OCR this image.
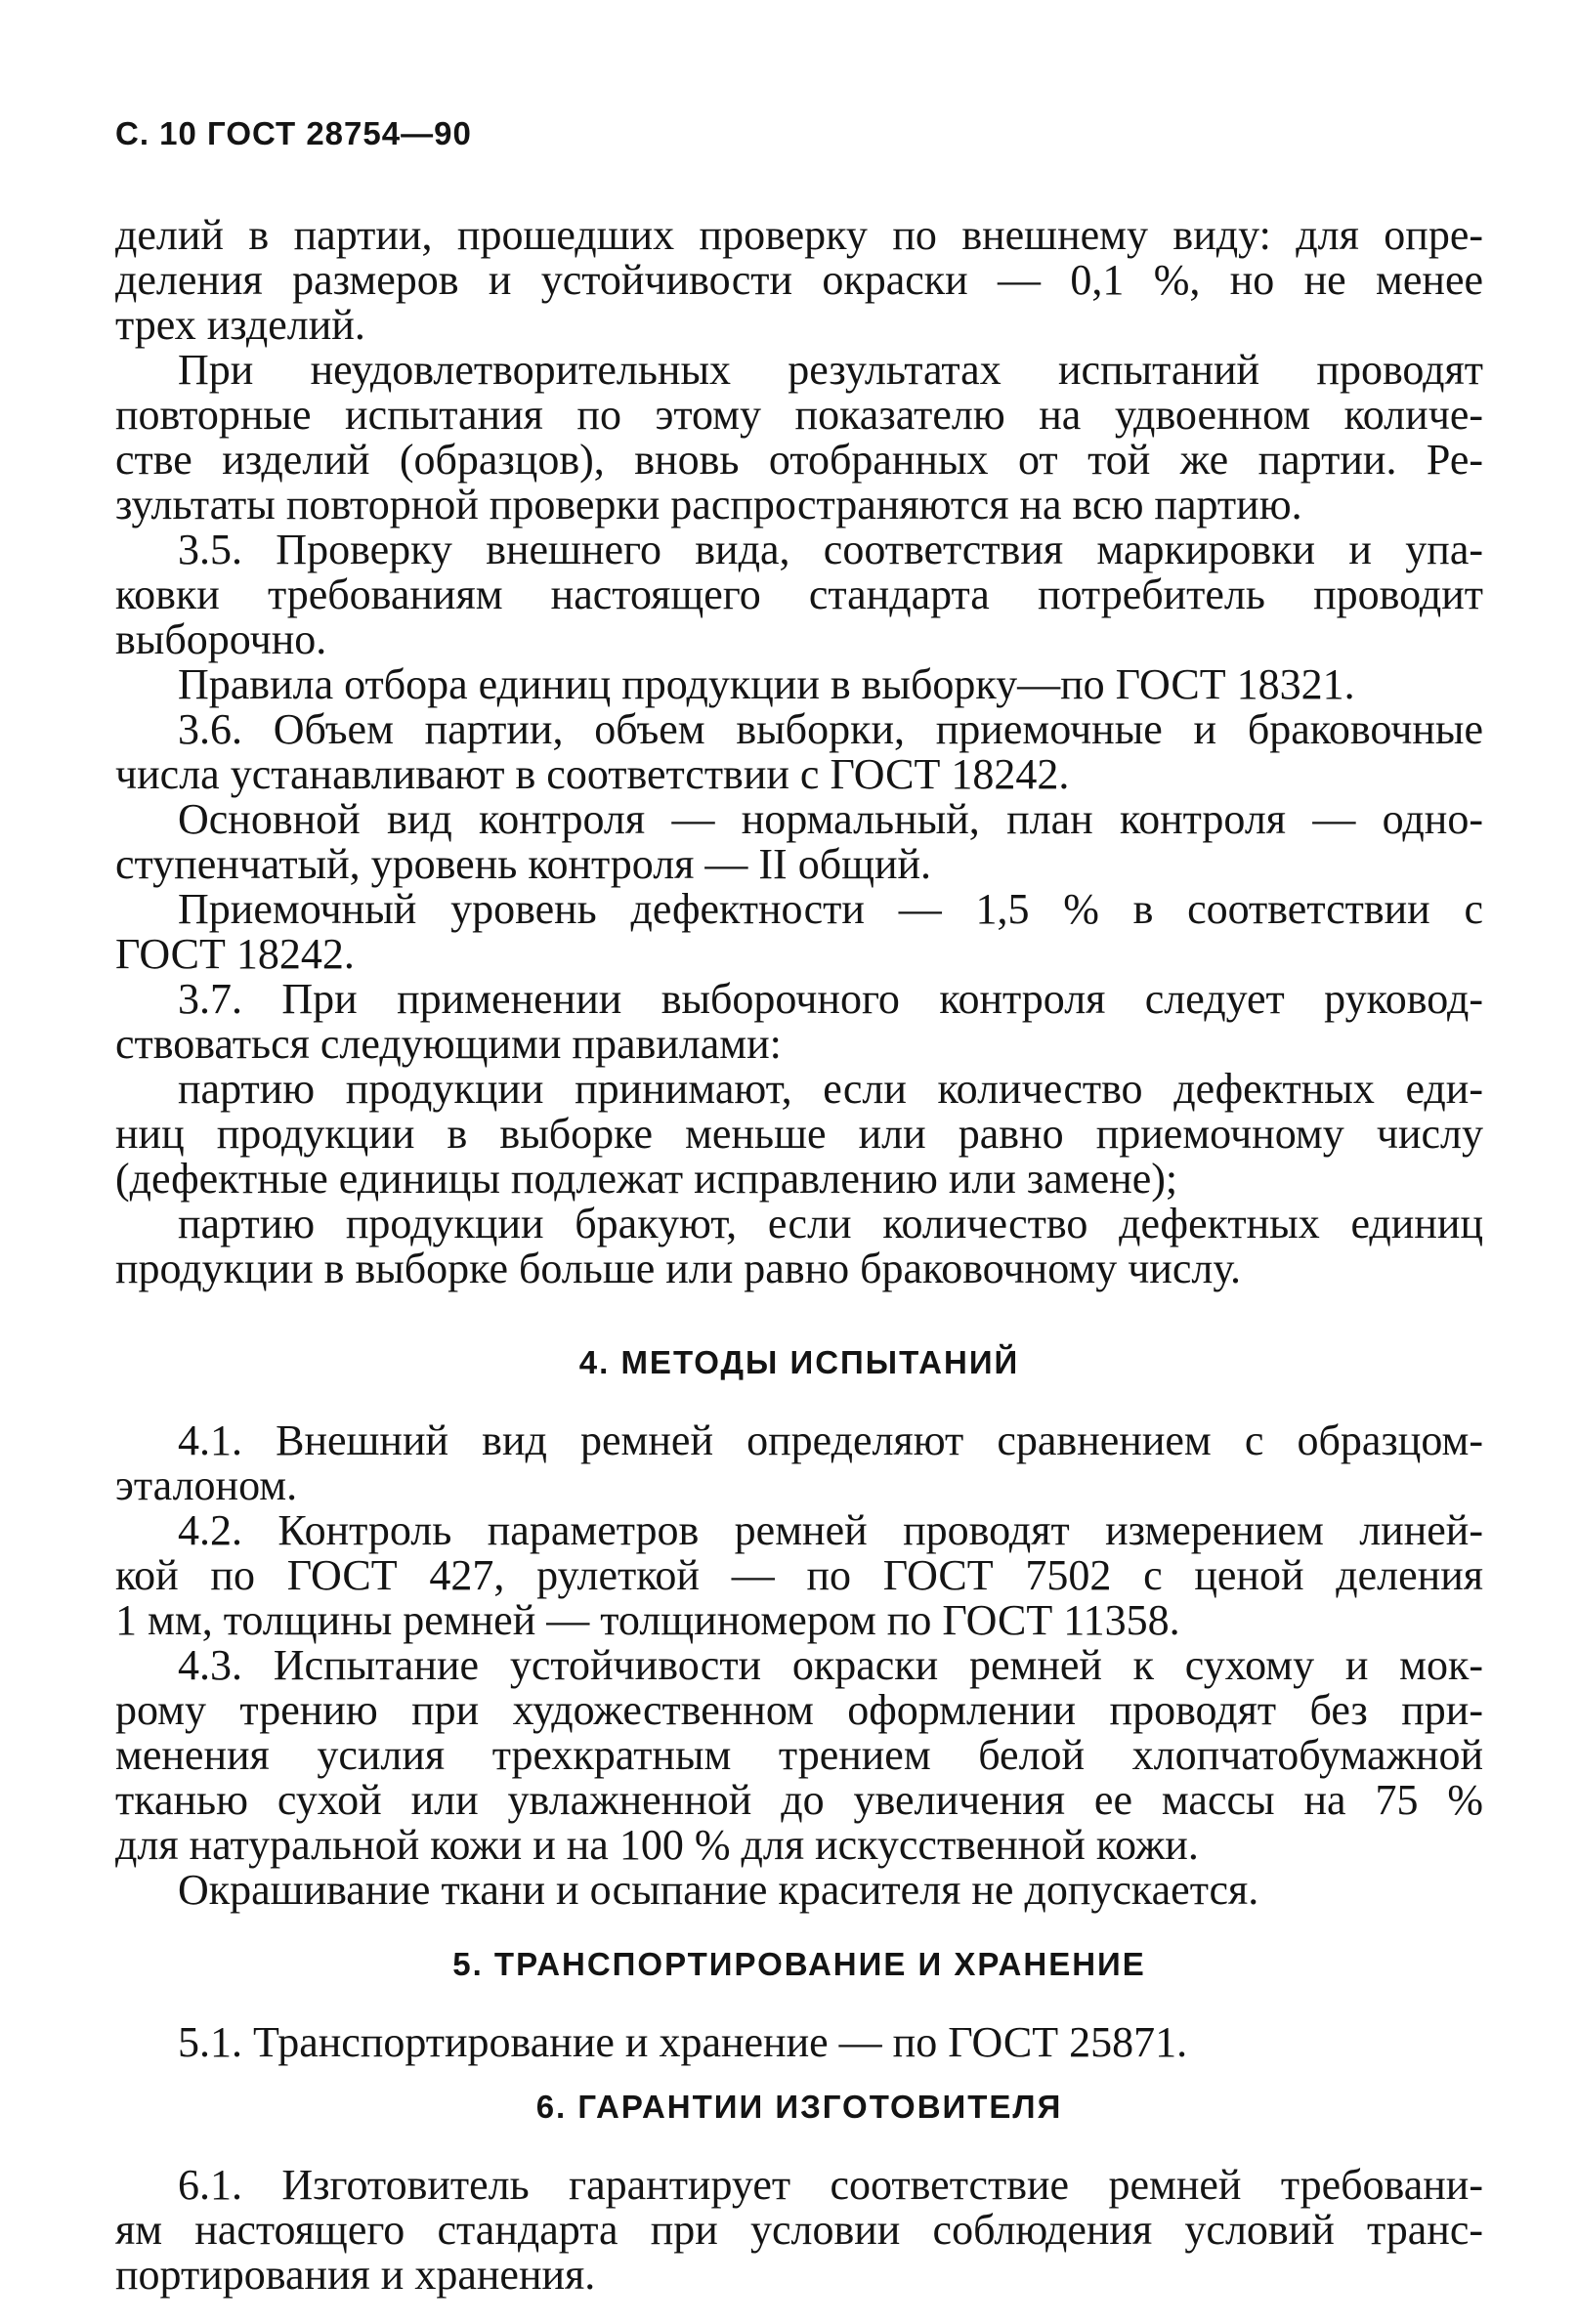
С. 10 ГОСТ 28754—90
делий в партии, прошедших проверку по внешнему виду: для опре-
деления размеров и устойчивости окраски — 0,1 %, но не менее
трех изделий.
При неудовлетворительных результатах испытаний проводят
повторные испытания по этому показателю на удвоенном количе-
стве изделий (образцов), вновь отобранных от той же партии. Ре-
зультаты повторной проверки распространяются на всю партию.
3.5. Проверку внешнего вида, соответствия маркировки и упа-
ковки требованиям настоящего стандарта потребитель проводит
выборочно.
Правила отбора единиц продукции в выборку—по ГОСТ 18321.
3.6. Объем партии, объем выборки, приемочные и браковочные
числа устанавливают в соответствии с ГОСТ 18242.
Основной вид контроля — нормальный, план контроля — одно-
ступенчатый, уровень контроля — II общий.
Приемочный уровень дефектности — 1,5 % в соответствии с
ГОСТ 18242.
3.7. При применении выборочного контроля следует руковод-
ствоваться следующими правилами:
партию продукции принимают, если количество дефектных еди-
ниц продукции в выборке меньше или равно приемочному числу
(дефектные единицы подлежат исправлению или замене);
партию продукции бракуют, если количество дефектных единиц
продукции в выборке больше или равно браковочному числу.
4. МЕТОДЫ ИСПЫТАНИЙ
4.1. Внешний вид ремней определяют сравнением с образцом-
эталоном.
4.2. Контроль параметров ремней проводят измерением линей-
кой по ГОСТ 427, рулеткой — по ГОСТ 7502 с ценой деления
1 мм, толщины ремней — толщиномером по ГОСТ 11358.
4.3. Испытание устойчивости окраски ремней к сухому и мок-
рому трению при художественном оформлении проводят без при-
менения усилия трехкратным трением белой хлопчатобумажной
тканью сухой или увлажненной до увеличения ее массы на 75 %
для натуральной кожи и на 100 % для искусственной кожи.
Окрашивание ткани и осыпание красителя не допускается.
5. ТРАНСПОРТИРОВАНИЕ И ХРАНЕНИЕ
5.1. Транспортирование и хранение — по ГОСТ 25871.
6. ГАРАНТИИ ИЗГОТОВИТЕЛЯ
6.1. Изготовитель гарантирует соответствие ремней требовани-
ям настоящего стандарта при условии соблюдения условий транс-
портирования и хранения.
